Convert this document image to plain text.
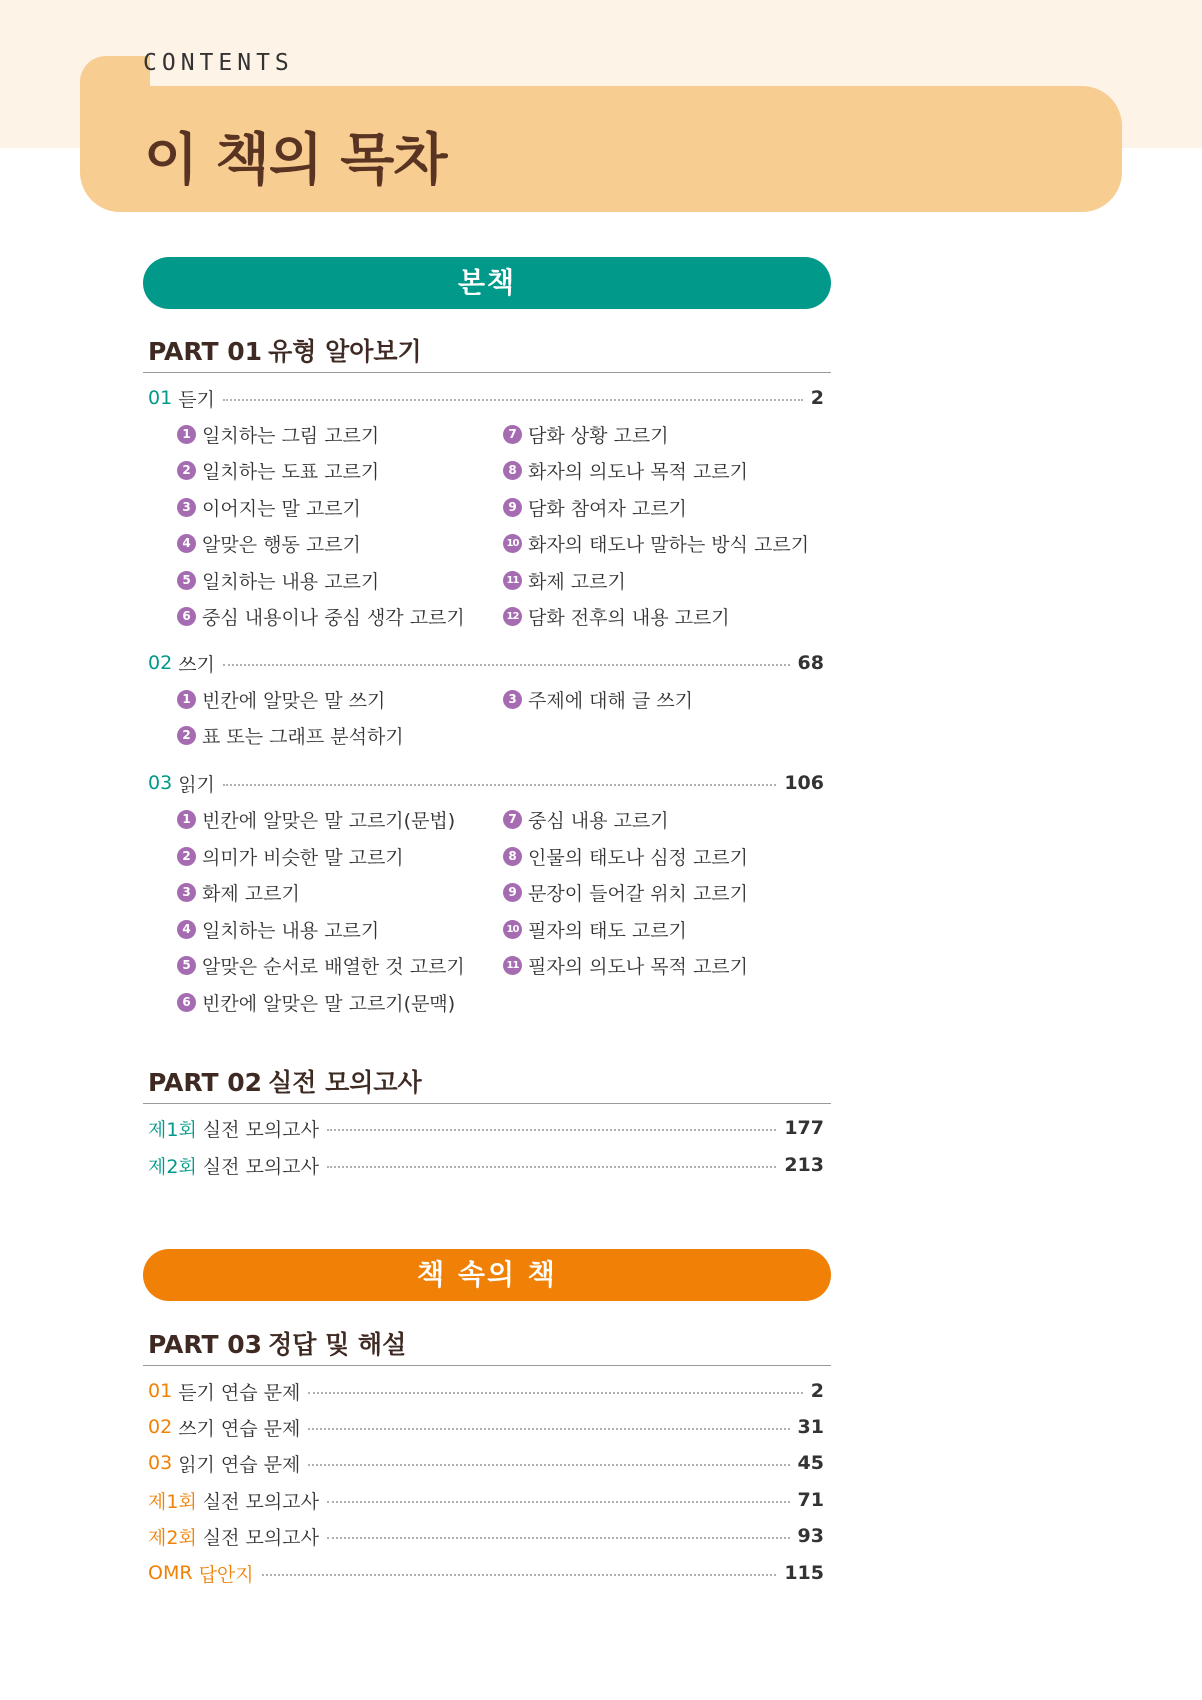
CONTENTS
이 책의 목차
본책
PART 01 유형 알아보기
01 듣기	2
1 일치하는 그림 고르기
2 일치하는 도표 고르기
3 이어지는 말 고르기
4 알맞은 행동 고르기
5 일치하는 내용 고르기
6 중심 내용이나 중심 생각 고르기
7 담화 상황 고르기
8 화자의 의도나 목적 고르기
9 담화 참여자 고르기
10 화자의 태도나 말하는 방식 고르기
11 화제 고르기
12 담화 전후의 내용 고르기
02 쓰기	68
1 빈칸에 알맞은 말 쓰기
2 표 또는 그래프 분석하기
3 주제에 대해 글 쓰기
03 읽기	106
1 빈칸에 알맞은 말 고르기(문법)
2 의미가 비슷한 말 고르기
3 화제 고르기
4 일치하는 내용 고르기
5 알맞은 순서로 배열한 것 고르기
6 빈칸에 알맞은 말 고르기(문맥)
7 중심 내용 고르기
8 인물의 태도나 심정 고르기
9 문장이 들어갈 위치 고르기
10 필자의 태도 고르기
11 필자의 의도나 목적 고르기
PART 02 실전 모의고사
제1회 실전 모의고사	177
제2회 실전 모의고사	213
책 속의 책
PART 03 정답 및 해설
01 듣기 연습 문제	2
02 쓰기 연습 문제	31
03 읽기 연습 문제	45
제1회 실전 모의고사	71
제2회 실전 모의고사	93
OMR 답안지	115
